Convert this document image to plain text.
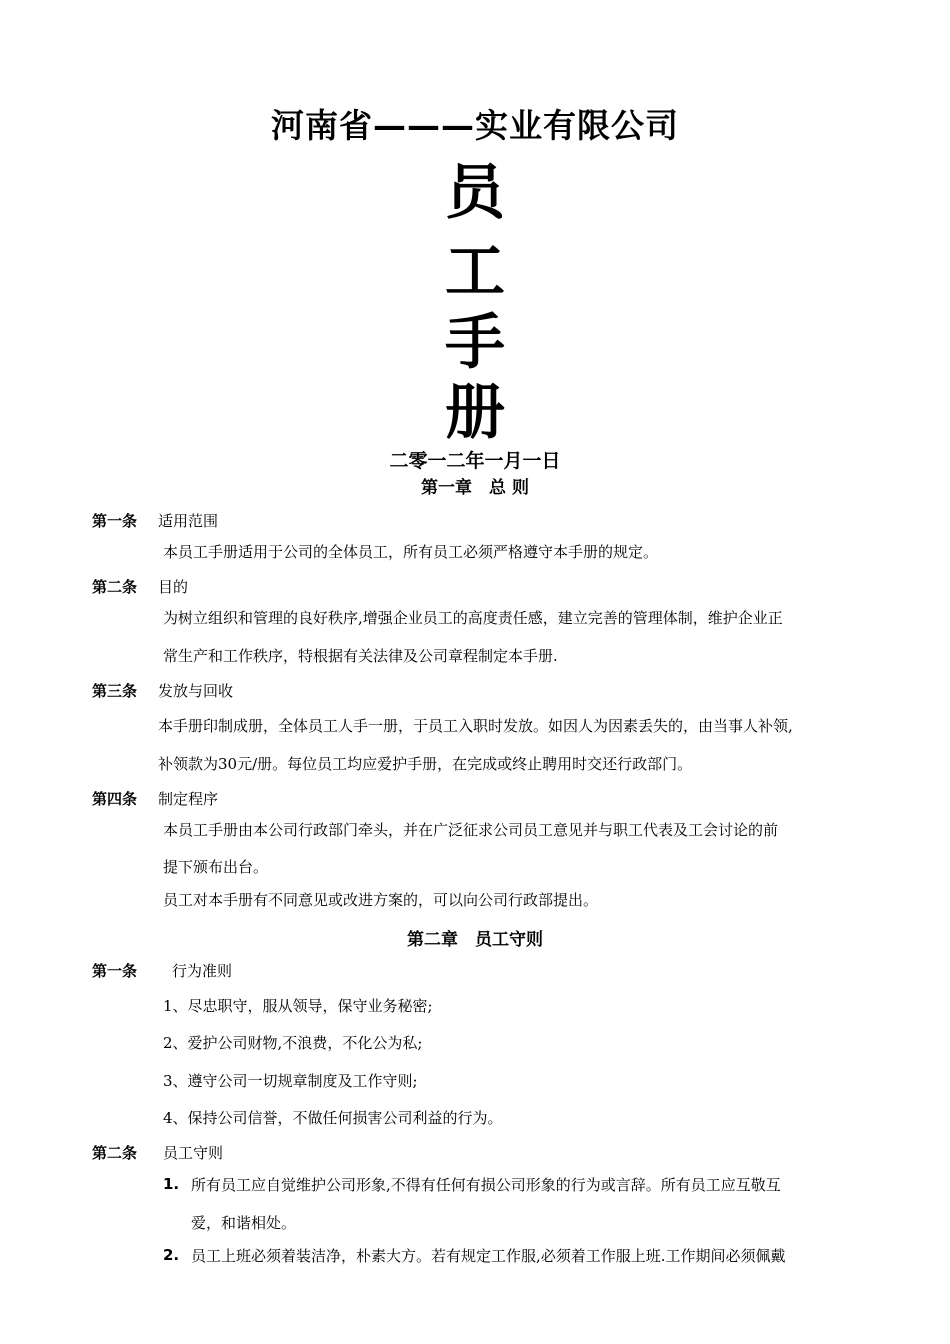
河南省———实业有限公司
员
工
手
册
二零一二年一月一日
第一章　总 则
第一条 适用范围
本员工手册适用于公司的全体员工，所有员工必须严格遵守本手册的规定。
第二条 目的
为树立组织和管理的良好秩序,增强企业员工的高度责任感，建立完善的管理体制，维护企业正
常生产和工作秩序，特根据有关法律及公司章程制定本手册.
第三条 发放与回收
本手册印制成册，全体员工人手一册，于员工入职时发放。如因人为因素丢失的，由当事人补领,
补领款为30元/册。每位员工均应爱护手册，在完成或终止聘用时交还行政部门。
第四条 制定程序
本员工手册由本公司行政部门牵头，并在广泛征求公司员工意见并与职工代表及工会讨论的前
提下颁布出台。
员工对本手册有不同意见或改进方案的，可以向公司行政部提出。
第二章　员工守则
第一条 行为准则
1、尽忠职守，服从领导，保守业务秘密;
2、爱护公司财物,不浪费，不化公为私;
3、遵守公司一切规章制度及工作守则;
4、保持公司信誉，不做任何损害公司利益的行为。
第二条 员工守则
1. 所有员工应自觉维护公司形象,不得有任何有损公司形象的行为或言辞。所有员工应互敬互
爱，和谐相处。
2. 员工上班必须着装洁净，朴素大方。若有规定工作服,必须着工作服上班.工作期间必须佩戴
